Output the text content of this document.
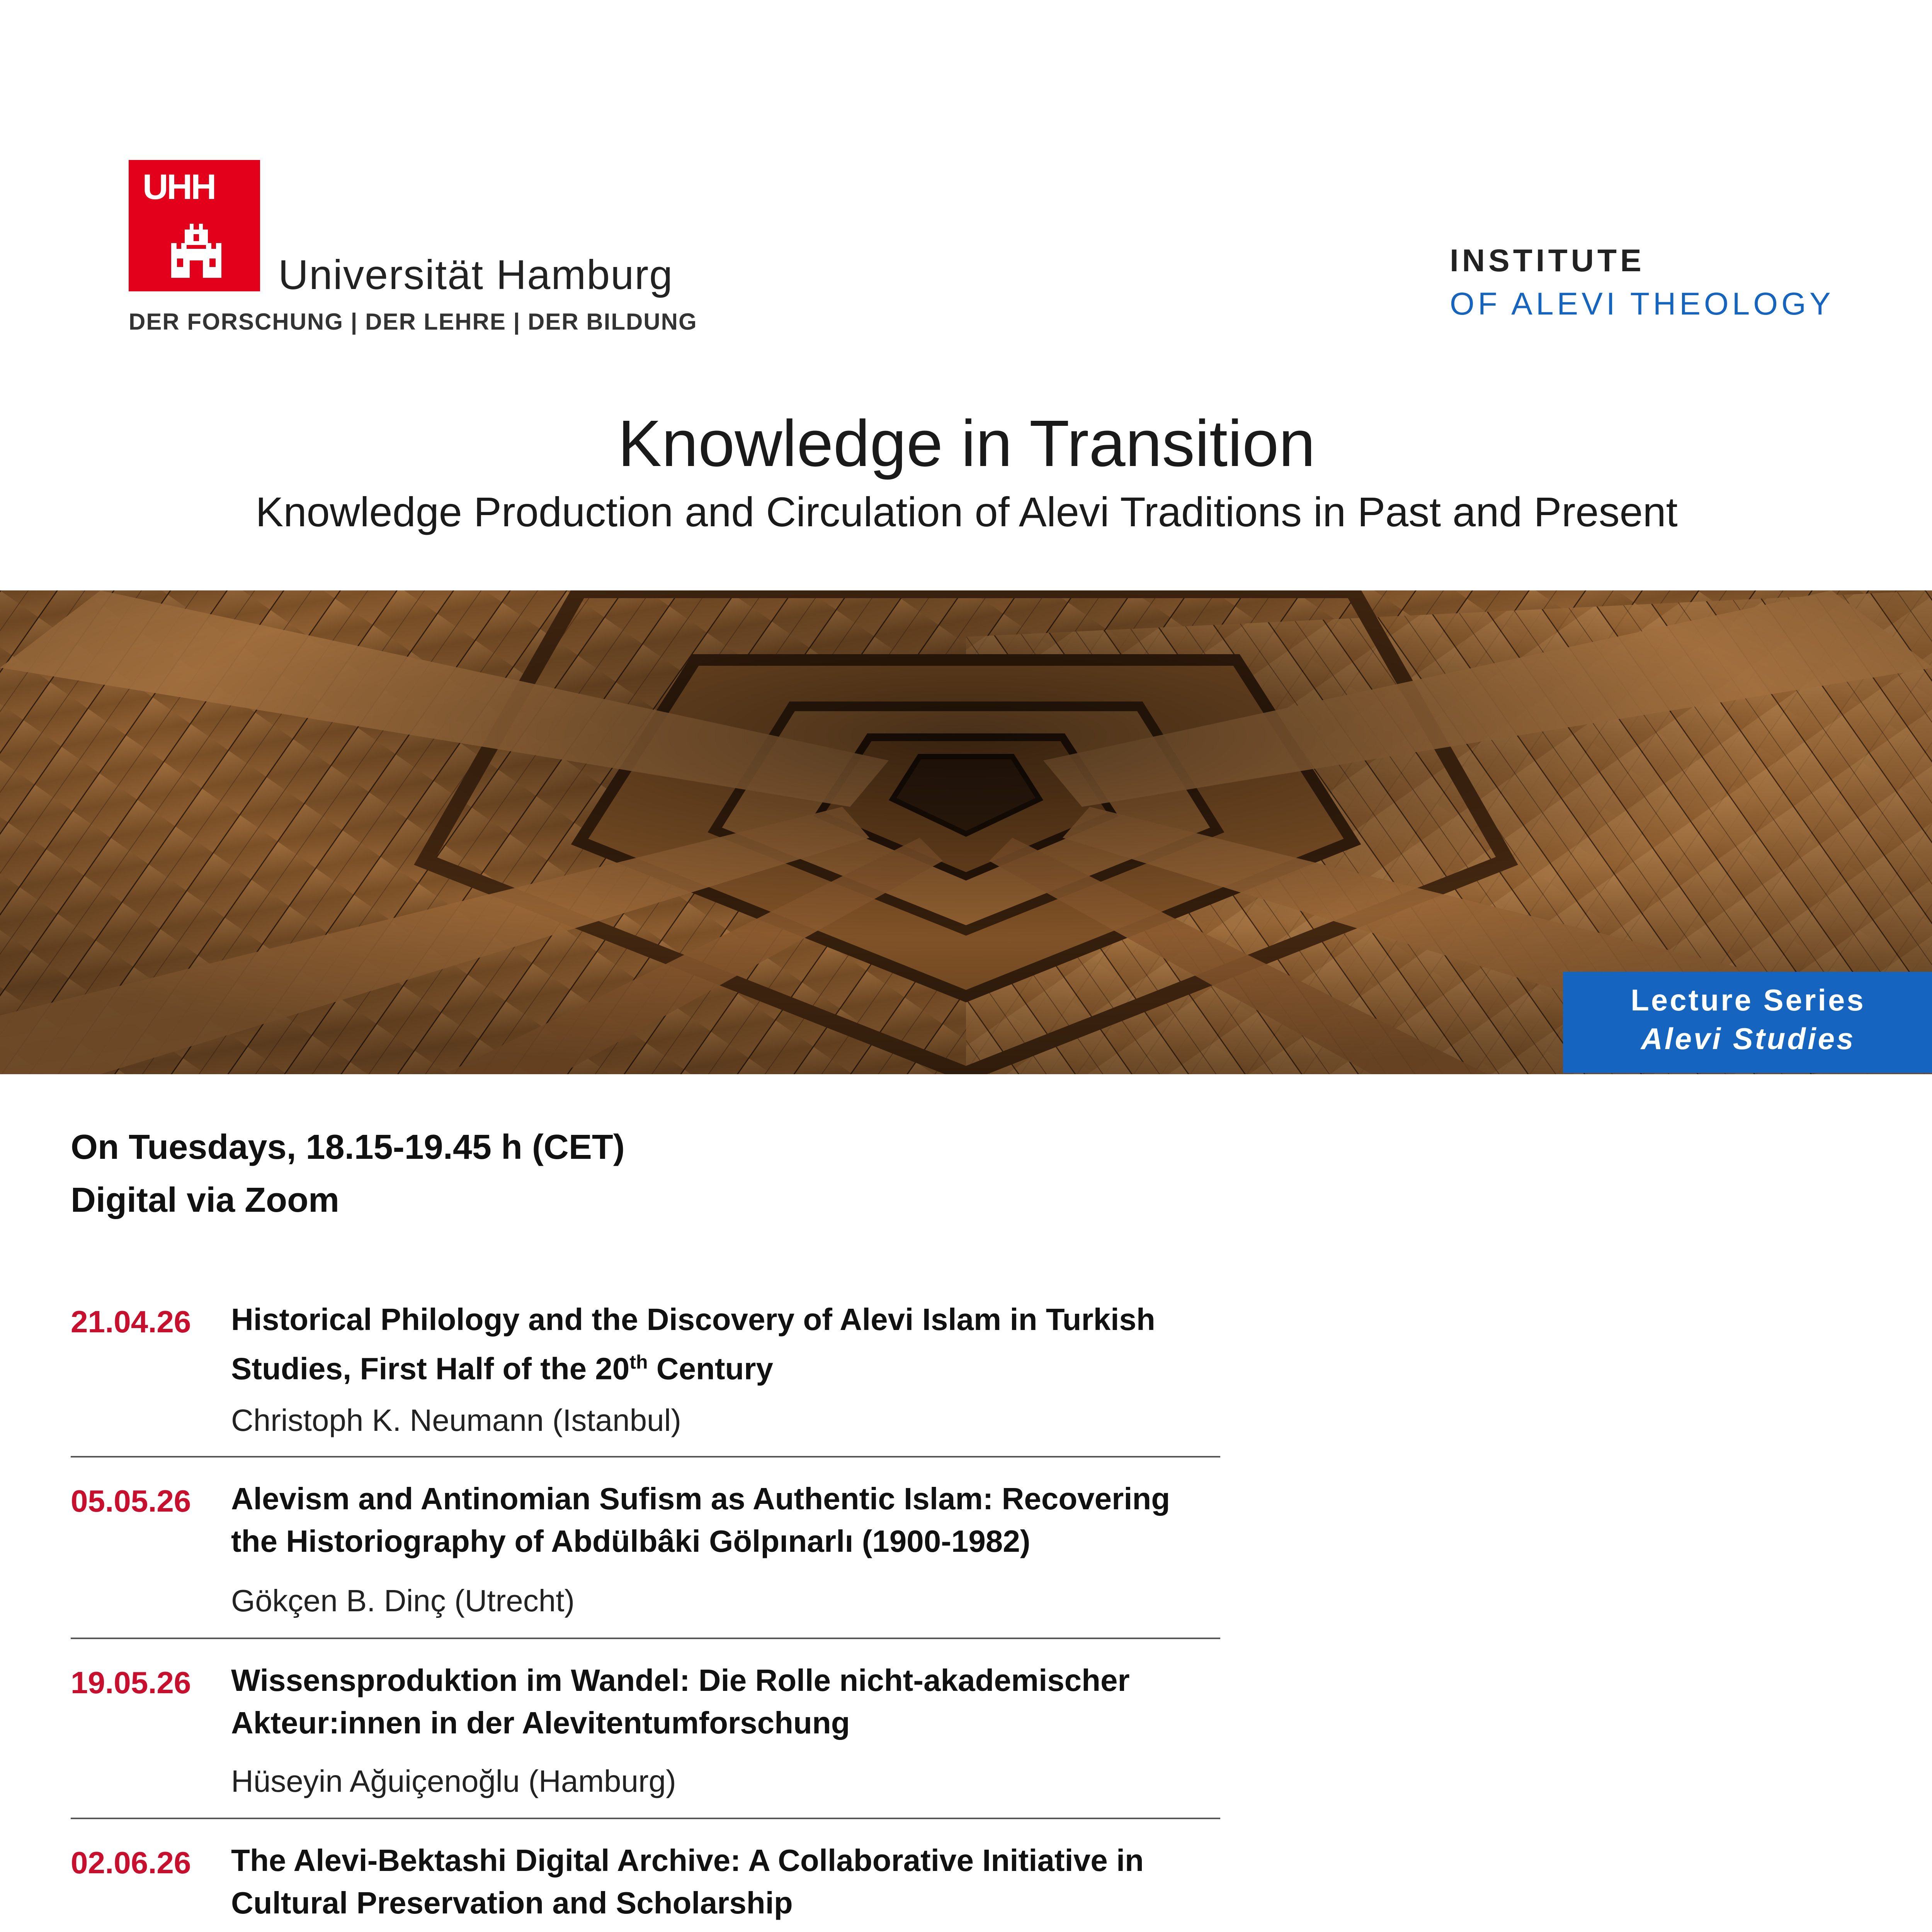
UHH
Universität Hamburg
DER FORSCHUNG | DER LEHRE | DER BILDUNG
INSTITUTE
OF ALEVI THEOLOGY
Knowledge in Transition
Knowledge Production and Circulation of Alevi Traditions in Past and Present
Lecture Series
Alevi Studies
On Tuesdays, 18.15-19.45 h (CET)
Digital via Zoom
21.04.26 Historical Philology and the Discovery of Alevi Islam in Turkish Studies, First Half of the 20th Century
Christoph K. Neumann (Istanbul)
05.05.26 Alevism and Antinomian Sufism as Authentic Islam: Recovering the Historiography of Abdülbâki Gölpınarlı (1900-1982)
Gökçen B. Dinç (Utrecht)
19.05.26 Wissensproduktion im Wandel: Die Rolle nicht-akademischer Akteur:innen in der Alevitentumforschung
Hüseyin Ağuiçenoğlu (Hamburg)
02.06.26 The Alevi-Bektashi Digital Archive: A Collaborative Initiative in Cultural Preservation and Scholarship
